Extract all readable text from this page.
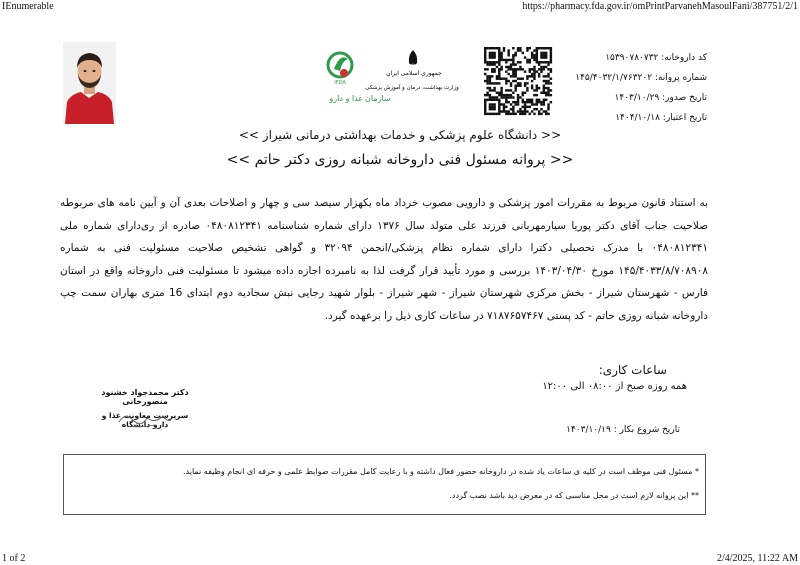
IEnumerable	https://pharmacy.fda.gov.ir/omPrintParvanehMasoulFani/387751/2/1
IFDA
جمهوری اسلامی ایران
وزارت بهداشت، درمان و آموزش پزشکی
سازمان غذا و دارو
کد داروخانه: ۱۵۳۹۰۷۸۰۷۳۲
شماره پروانه: ۱۴۵/۴۰۳۲/۱/۷۶۳۲۰۲
تاریخ صدور: ۱۴۰۳/۱۰/۲۹
تاریخ اعتبار: ۱۴۰۴/۱۰/۱۸
<< دانشگاه علوم پزشکی و خدمات بهداشتی درمانی شیراز >>
<< پروانه مسئول فنی داروخانه شبانه روزی دکتر حاتم >>
به استناد قانون مربوط به مقررات امور پزشکی و دارویی مصوب خرداد ماه یکهزار سیصد سی و چهار و اصلاحات بعدی آن و آیین نامه های مربوطه صلاحیت جناب آقای دکتر پوریا سیارمهربانی فرزند علی متولد سال ۱۳۷۶ دارای شماره شناسنامه ۰۴۸۰۸۱۲۳۴۱ صادره از ری‌دارای شماره ملی ۰۴۸۰۸۱۲۳۴۱ با مدرک تحصیلی دکترا دارای شماره نظام پزشکی/انجمن ۳۲۰۹۴ و گواهی تشخیص صلاحیت مسئولیت فنی به شماره ۱۴۵/۴۰۳۳/۸/۷۰۸۹۰۸ مورخ ۱۴۰۳/۰۴/۳۰ بررسی و مورد تأیید قرار گرفت لذا به نامبرده اجازه داده میشود تا مسئولیت فنی داروخانه واقع در استان فارس - شهرستان شیراز - بخش مرکزی شهرستان شیراز - شهر شیراز - بلوار شهید رجایی نبش سجادیه دوم ابتدای 16 متری بهاران سمت چپ داروخانه شبانه روزی حاتم - کد پستی ۷۱۸۷۶۵۷۴۶۷ در ساعات کاری ذیل را برعهده گیرد.
ساعات کاری:
همه روزه صبح از ۰۸:۰۰ الی ۱۲:۰۰
دکتر محمدجواد خشنود منصورخانی
سرپرست معاونت غذا و دارو دانشگاه
تاریخ شروع بکار : ۱۴۰۳/۱۰/۱۹
* مسئول فنی موظف است در کلیه ی ساعات یاد شده در داروخانه حضور فعال داشته و با رعایت کامل مقررات ضوابط علمی و حرفه ای انجام وظیفه نماید.
** این پروانه لازم است در محل مناسبی که در معرض دید باشد نصب گردد.
1 of 2	2/4/2025, 11:22 AM
